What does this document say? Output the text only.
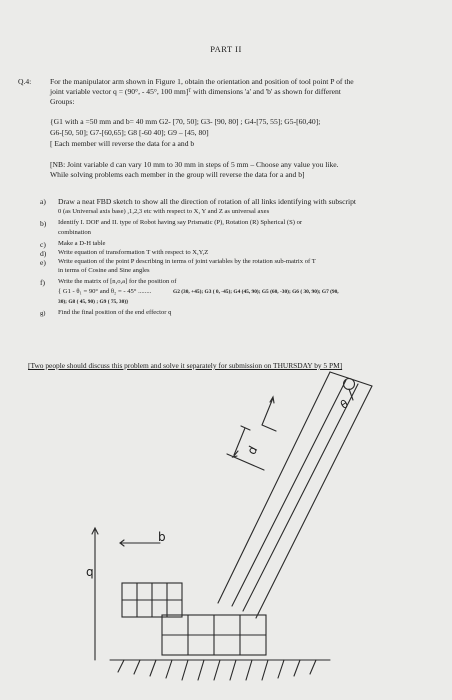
PART II
Q.4: For the manipulator arm shown in Figure 1, obtain the orientation and position of tool point P of the
joint variable vector q = (90°, - 45°, 100 mm]ᵀ with dimensions 'a' and 'b' as shown for different
Groups:
{G1 with a =50 mm and b= 40 mm G2- [70, 50]; G3- [90, 80] ; G4-[75, 55]; G5-[60,40];
G6-[50, 50]; G7-[60,65]; G8 [-60 40]; G9 – [45, 80]
[ Each member will reverse the data for a and b
[NB: Joint variable d can vary 10 mm to 30 mm in steps of 5 mm – Choose any value you like.
While solving problems each member in the group will reverse the data for a and b]
a) Draw a neat FBD sketch to show all the direction of rotation of all links identifying with subscript
0 (as Universal axis base) ,1,2,3 etc with respect to X, Y and Z as universal axes
b) Identify I. DOF and II. type of Robot having say Prismatic (P), Rotation (R) Spherical (S) or
combination
c) Make a D-H table
d) Write equation of transformation T with respect to X,Y,Z
e) Write equation of the point P describing in terms of joint variables by the rotation sub-matrix of T
in terms of Cosine and Sine angles
f) Write the matrix of [n,o,a] for the position of
{ G1 - θ₁ = 90° and θ₂ = - 45° ........	G2 (30, +45); G3 ( 0, -45); G4 (45, 90); G5 (60, -30); G6 ( 30, 90); G7 (90,
30); G8 ( 45, 90) ; G9 ( 75, 30)}
g) Find the final position of the end effector q
[Two people should discuss this problem and solve it separately for submission on THURSDAY by 5 PM]
b
q
d
θ
